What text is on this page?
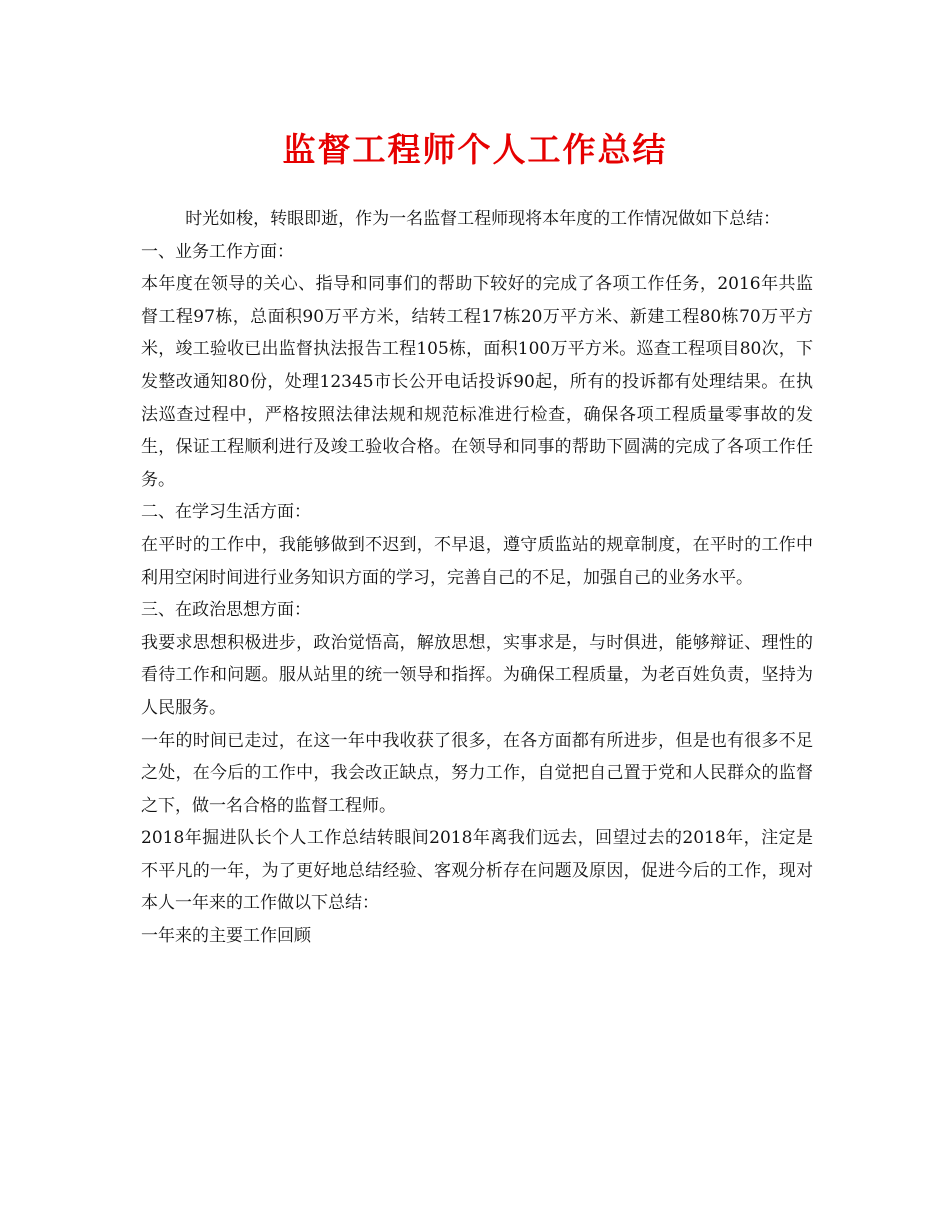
监督工程师个人工作总结

时光如梭，转眼即逝，作为一名监督工程师现将本年度的工作情况做如下总结：

一、业务工作方面：

本年度在领导的关心、指导和同事们的帮助下较好的完成了各项工作任务，2016年共监督工程97栋，总面积90万平方米，结转工程17栋20万平方米、新建工程80栋70万平方米，竣工验收已出监督执法报告工程105栋，面积100万平方米。巡查工程项目80次，下发整改通知80份，处理12345市长公开电话投诉90起，所有的投诉都有处理结果。在执法巡查过程中，严格按照法律法规和规范标准进行检查，确保各项工程质量零事故的发生，保证工程顺利进行及竣工验收合格。在领导和同事的帮助下圆满的完成了各项工作任务。

二、在学习生活方面：

在平时的工作中，我能够做到不迟到，不早退，遵守质监站的规章制度，在平时的工作中利用空闲时间进行业务知识方面的学习，完善自己的不足，加强自己的业务水平。

三、在政治思想方面：

我要求思想积极进步，政治觉悟高，解放思想，实事求是，与时俱进，能够辩证、理性的看待工作和问题。服从站里的统一领导和指挥。为确保工程质量，为老百姓负责，坚持为人民服务。

一年的时间已走过，在这一年中我收获了很多，在各方面都有所进步，但是也有很多不足之处，在今后的工作中，我会改正缺点，努力工作，自觉把自己置于党和人民群众的监督之下，做一名合格的监督工程师。

2018年掘进队长个人工作总结转眼间2018年离我们远去，回望过去的2018年，注定是不平凡的一年，为了更好地总结经验、客观分析存在问题及原因，促进今后的工作，现对本人一年来的工作做以下总结：

一年来的主要工作回顾
